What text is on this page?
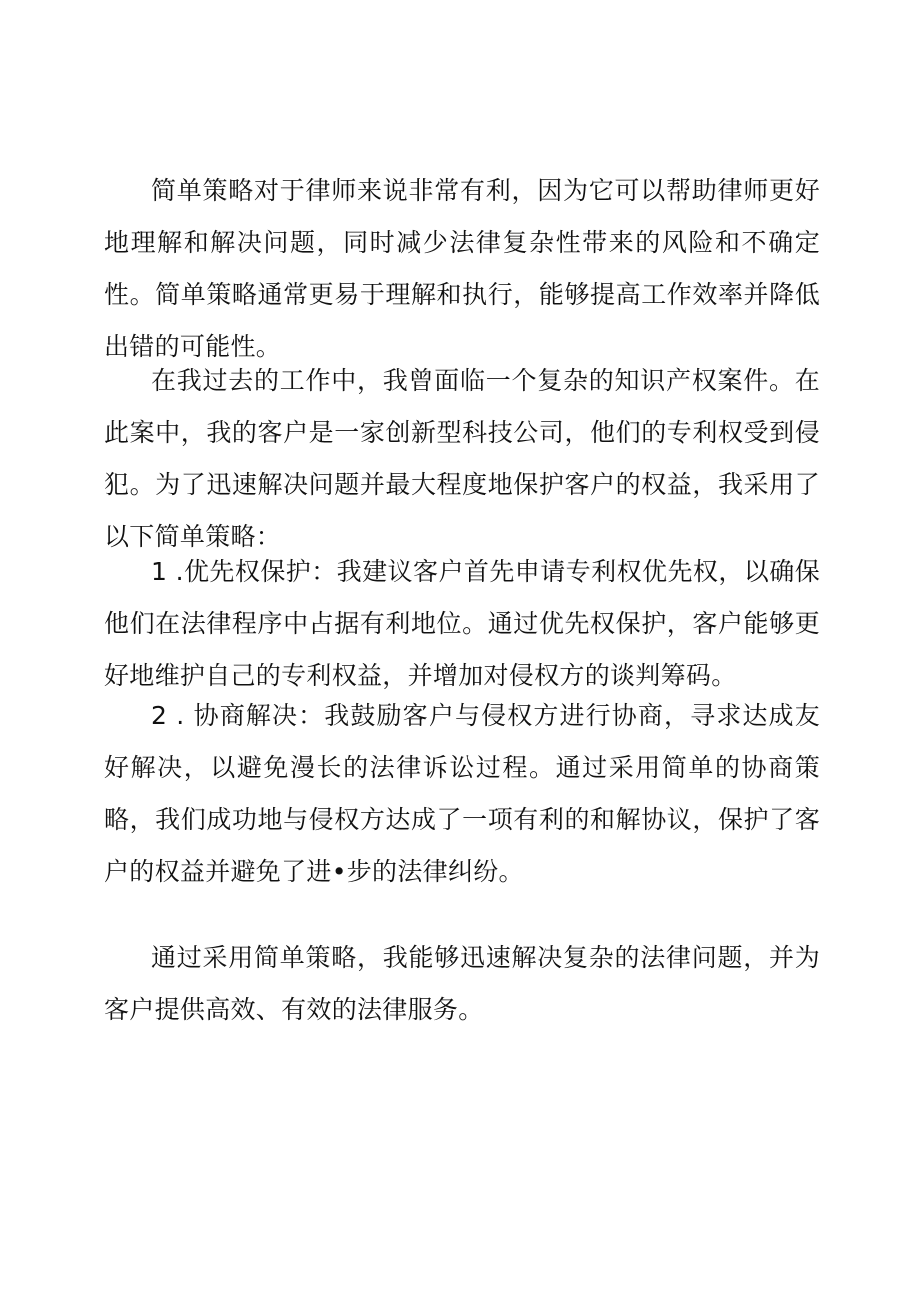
简单策略对于律师来说非常有利，因为它可以帮助律师更好地理解和解决问题，同时减少法律复杂性带来的风险和不确定性。简单策略通常更易于理解和执行，能够提高工作效率并降低出错的可能性。

在我过去的工作中，我曾面临一个复杂的知识产权案件。在此案中，我的客户是一家创新型科技公司，他们的专利权受到侵犯。为了迅速解决问题并最大程度地保护客户的权益，我采用了以下简单策略：

1 .优先权保护：我建议客户首先申请专利权优先权，以确保他们在法律程序中占据有利地位。通过优先权保护，客户能够更好地维护自己的专利权益，并增加对侵权方的谈判筹码。

2 . 协商解决：我鼓励客户与侵权方进行协商，寻求达成友好解决，以避免漫长的法律诉讼过程。通过采用简单的协商策略，我们成功地与侵权方达成了一项有利的和解协议，保护了客户的权益并避免了进•步的法律纠纷。

通过采用简单策略，我能够迅速解决复杂的法律问题，并为客户提供高效、有效的法律服务。
